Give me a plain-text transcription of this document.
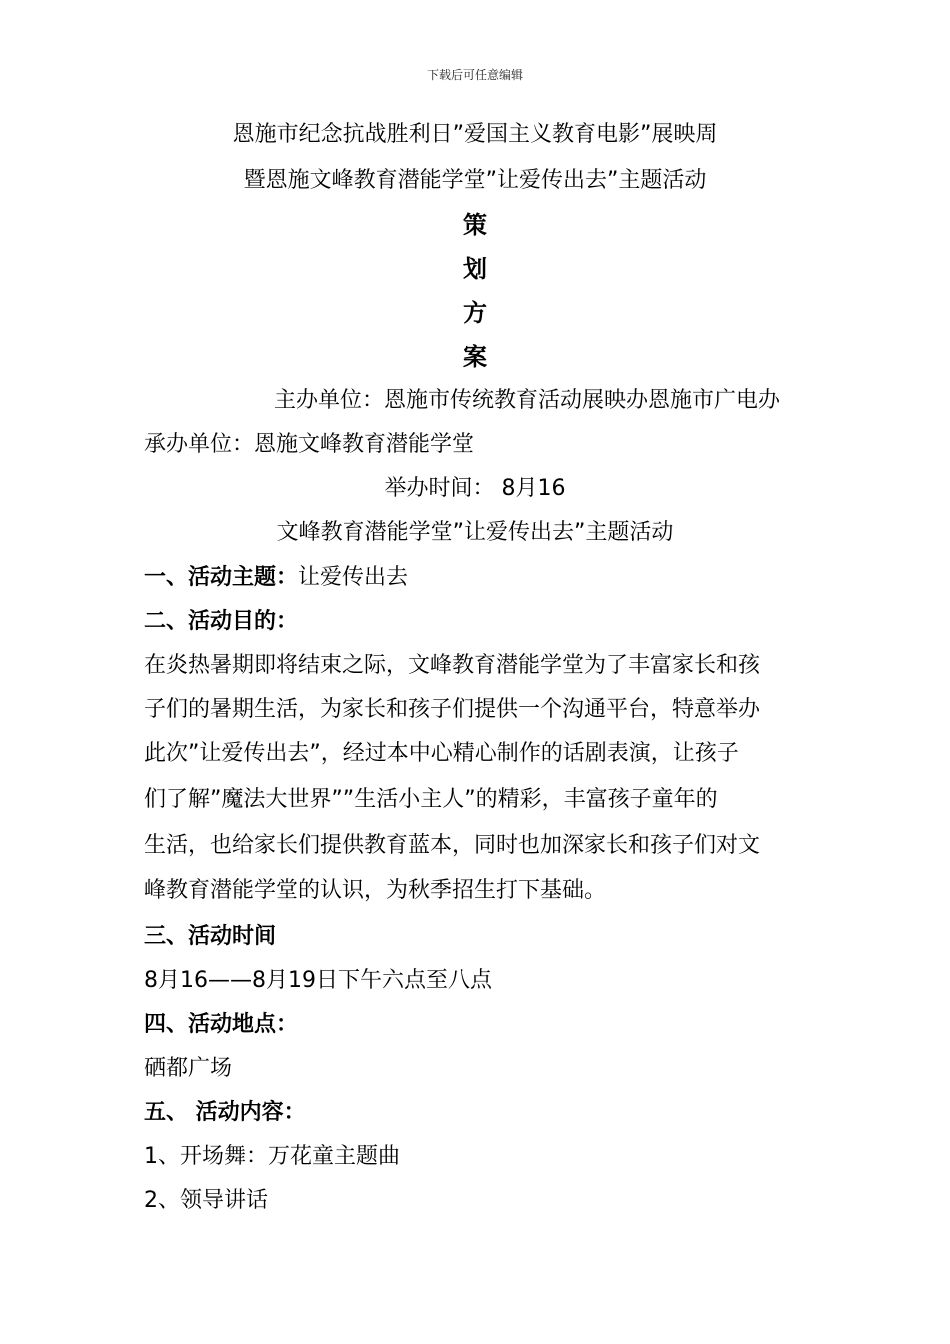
下载后可任意编辑
恩施市纪念抗战胜利日”爱国主义教育电影”展映周
暨恩施文峰教育潜能学堂”让爱传出去”主题活动
策
划
方
案
主办单位：恩施市传统教育活动展映办恩施市广电办
承办单位：恩施文峰教育潜能学堂
举办时间： 8月16
文峰教育潜能学堂”让爱传出去”主题活动
一、活动主题：让爱传出去
二、活动目的：
在炎热暑期即将结束之际，文峰教育潜能学堂为了丰富家长和孩
子们的暑期生活，为家长和孩子们提供一个沟通平台，特意举办
此次”让爱传出去”，经过本中心精心制作的话剧表演，让孩子
们了解”魔法大世界””生活小主人”的精彩，丰富孩子童年的
生活，也给家长们提供教育蓝本，同时也加深家长和孩子们对文
峰教育潜能学堂的认识，为秋季招生打下基础。
三、活动时间
8月16——8月19日下午六点至八点
四、活动地点：
硒都广场
五、 活动内容：
1、开场舞：万花童主题曲
2、领导讲话
